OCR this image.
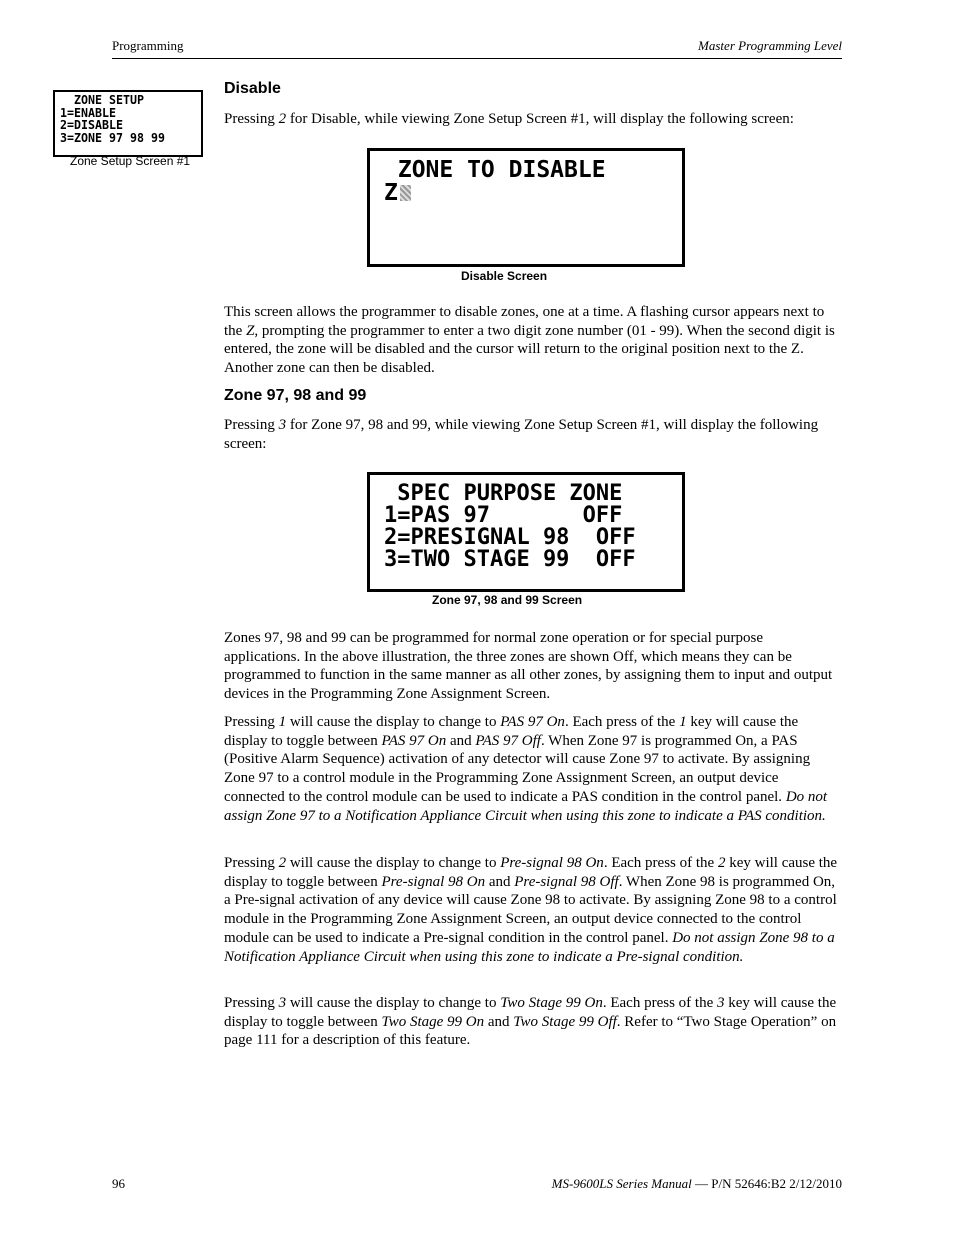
Programming	Master Programming Level
ZONE SETUP
1=ENABLE
2=DISABLE
3=ZONE 97 98 99
Zone Setup Screen #1
Disable

Pressing 2 for Disable, while viewing Zone Setup Screen #1, will display the following screen:

ZONE TO DISABLE
Z
Disable Screen

This screen allows the programmer to disable zones, one at a time. A flashing cursor appears next to the Z, prompting the programmer to enter a two digit zone number (01 - 99). When the second digit is entered, the zone will be disabled and the cursor will return to the original position next to the Z. Another zone can then be disabled.

Zone 97, 98 and 99

Pressing 3 for Zone 97, 98 and 99, while viewing Zone Setup Screen #1, will display the following screen:

SPEC PURPOSE ZONE
1=PAS 97       OFF
2=PRESIGNAL 98  OFF
3=TWO STAGE 99  OFF
Zone 97, 98 and 99 Screen

Zones 97, 98 and 99 can be programmed for normal zone operation or for special purpose applications. In the above illustration, the three zones are shown Off, which means they can be programmed to function in the same manner as all other zones, by assigning them to input and output devices in the Programming Zone Assignment Screen.

Pressing 1 will cause the display to change to PAS 97 On. Each press of the 1 key will cause the display to toggle between PAS 97 On and PAS 97 Off. When Zone 97 is programmed On, a PAS (Positive Alarm Sequence) activation of any detector will cause Zone 97 to activate. By assigning Zone 97 to a control module in the Programming Zone Assignment Screen, an output device connected to the control module can be used to indicate a PAS condition in the control panel. Do not assign Zone 97 to a Notification Appliance Circuit when using this zone to indicate a PAS condition.

Pressing 2 will cause the display to change to Pre-signal 98 On. Each press of the 2 key will cause the display to toggle between Pre-signal 98 On and Pre-signal 98 Off. When Zone 98 is programmed On, a Pre-signal activation of any device will cause Zone 98 to activate. By assigning Zone 98 to a control module in the Programming Zone Assignment Screen, an output device connected to the control module can be used to indicate a Pre-signal condition in the control panel. Do not assign Zone 98 to a Notification Appliance Circuit when using this zone to indicate a Pre-signal condition.

Pressing 3 will cause the display to change to Two Stage 99 On. Each press of the 3 key will cause the display to toggle between Two Stage 99 On and Two Stage 99 Off. Refer to “Two Stage Operation” on page 111 for a description of this feature.

96	MS-9600LS Series Manual — P/N 52646:B2 2/12/2010
